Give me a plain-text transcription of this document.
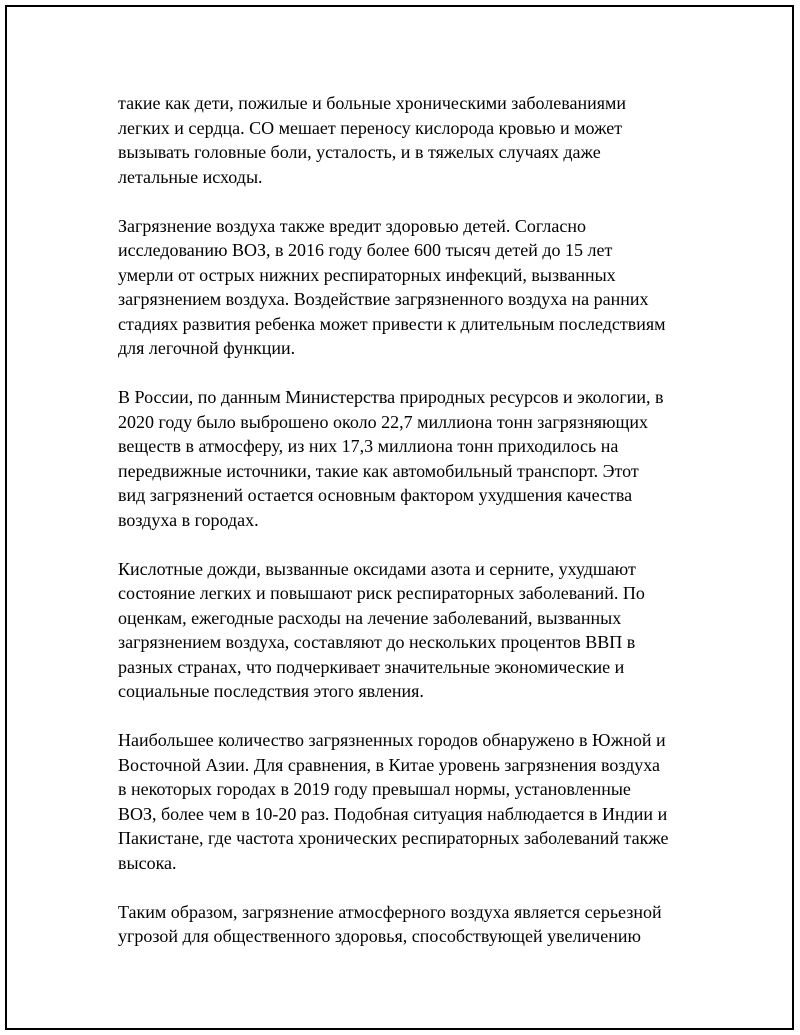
такие как дети, пожилые и больные хроническими заболеваниями
легких и сердца. CO мешает переносу кислорода кровью и может
вызывать головные боли, усталость, и в тяжелых случаях даже
летальные исходы.

Загрязнение воздуха также вредит здоровью детей. Согласно
исследованию ВОЗ, в 2016 году более 600 тысяч детей до 15 лет
умерли от острых нижних респираторных инфекций, вызванных
загрязнением воздуха. Воздействие загрязненного воздуха на ранних
стадиях развития ребенка может привести к длительным последствиям
для легочной функции.

В России, по данным Министерства природных ресурсов и экологии, в
2020 году было выброшено около 22,7 миллиона тонн загрязняющих
веществ в атмосферу, из них 17,3 миллиона тонн приходилось на
передвижные источники, такие как автомобильный транспорт. Этот
вид загрязнений остается основным фактором ухудшения качества
воздуха в городах.

Кислотные дожди, вызванные оксидами азота и серните, ухудшают
состояние легких и повышают риск респираторных заболеваний. По
оценкам, ежегодные расходы на лечение заболеваний, вызванных
загрязнением воздуха, составляют до нескольких процентов ВВП в
разных странах, что подчеркивает значительные экономические и
социальные последствия этого явления.

Наибольшее количество загрязненных городов обнаружено в Южной и
Восточной Азии. Для сравнения, в Китае уровень загрязнения воздуха
в некоторых городах в 2019 году превышал нормы, установленные
ВОЗ, более чем в 10-20 раз. Подобная ситуация наблюдается в Индии и
Пакистане, где частота хронических респираторных заболеваний также
высока.

Таким образом, загрязнение атмосферного воздуха является серьезной
угрозой для общественного здоровья, способствующей увеличению
